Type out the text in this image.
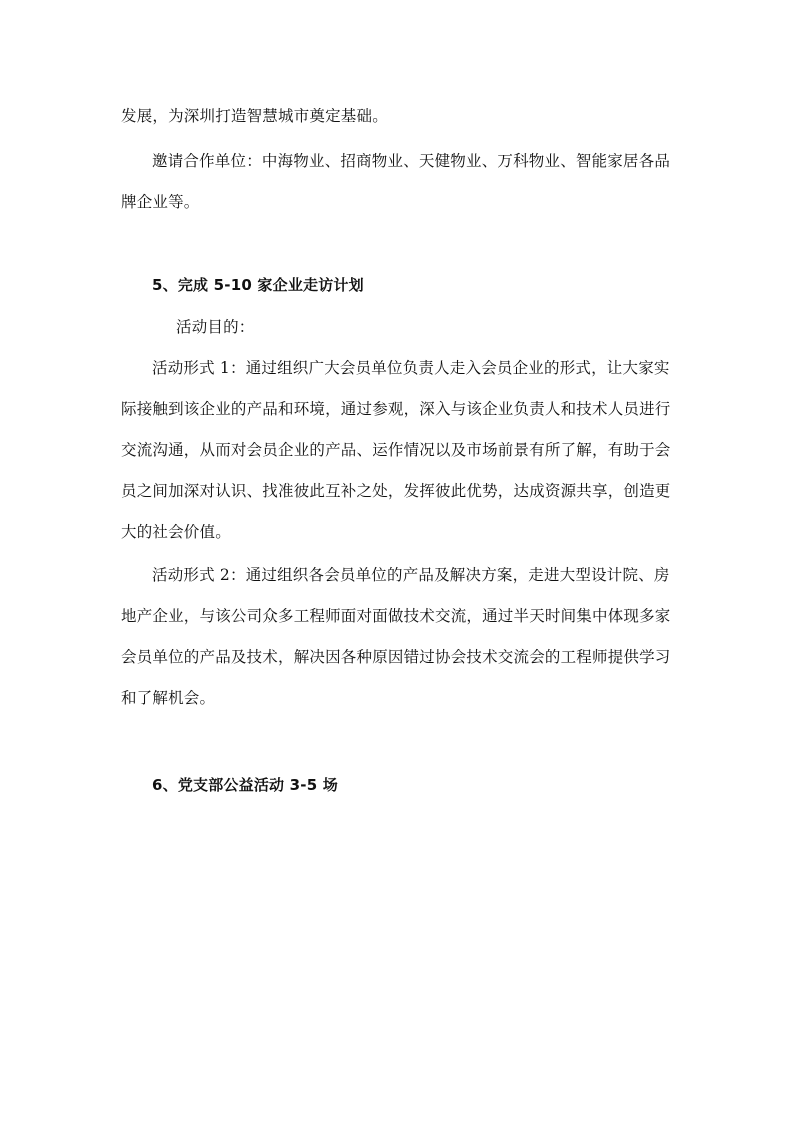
发展，为深圳打造智慧城市奠定基础。
邀请合作单位：中海物业、招商物业、天健物业、万科物业、智能家居各品
牌企业等。
5、完成 5-10 家企业走访计划
活动目的：
活动形式 1：通过组织广大会员单位负责人走入会员企业的形式，让大家实
际接触到该企业的产品和环境，通过参观，深入与该企业负责人和技术人员进行
交流沟通，从而对会员企业的产品、运作情况以及市场前景有所了解，有助于会
员之间加深对认识、找准彼此互补之处，发挥彼此优势，达成资源共享，创造更
大的社会价值。
活动形式 2：通过组织各会员单位的产品及解决方案，走进大型设计院、房
地产企业，与该公司众多工程师面对面做技术交流，通过半天时间集中体现多家
会员单位的产品及技术，解决因各种原因错过协会技术交流会的工程师提供学习
和了解机会。
6、党支部公益活动 3-5 场
